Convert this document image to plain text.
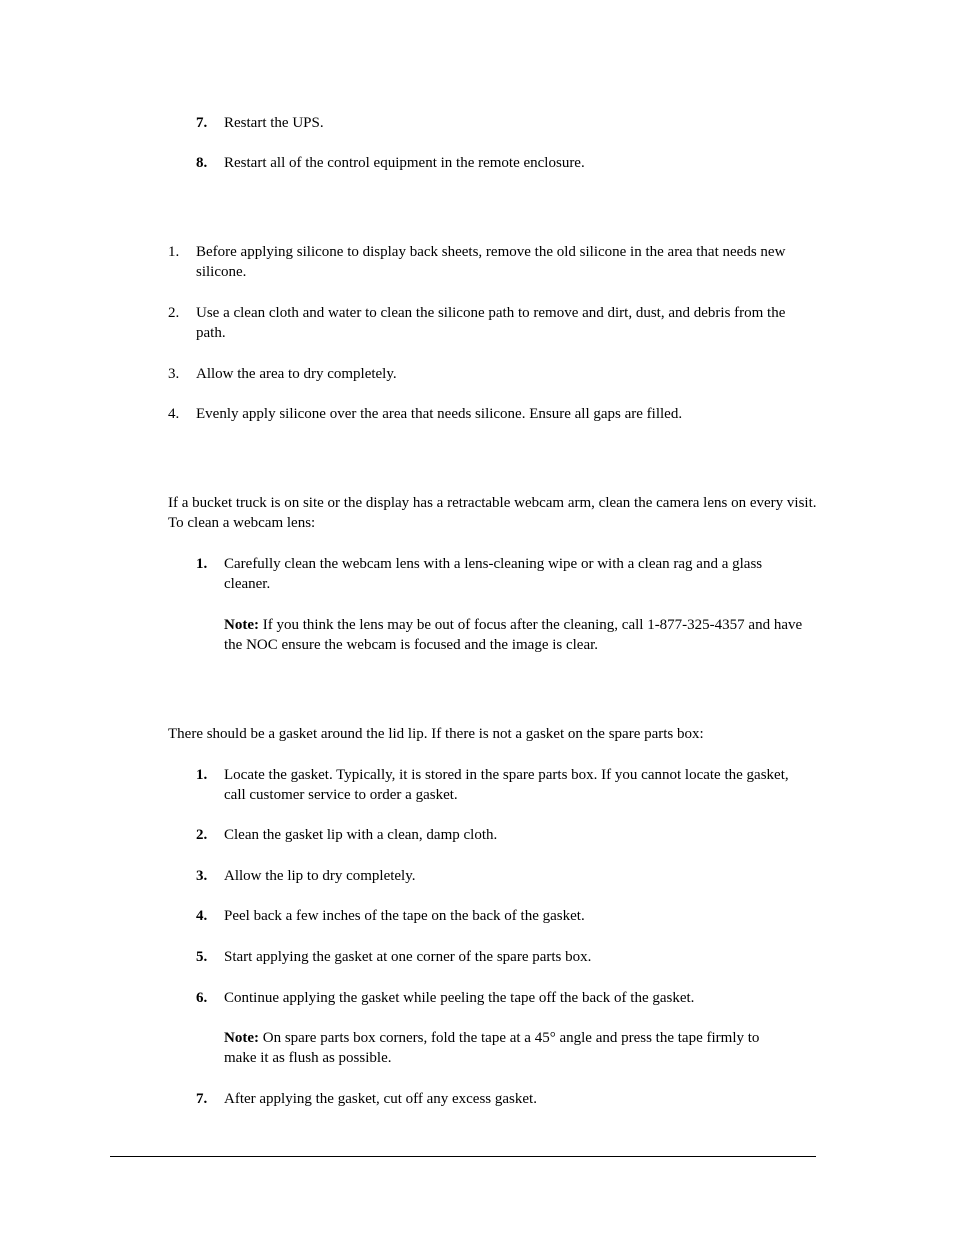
7. Restart the UPS.
8. Restart all of the control equipment in the remote enclosure.
1. Before applying silicone to display back sheets, remove the old silicone in the area that needs new silicone.
2. Use a clean cloth and water to clean the silicone path to remove and dirt, dust, and debris from the path.
3. Allow the area to dry completely.
4. Evenly apply silicone over the area that needs silicone. Ensure all gaps are filled.
If a bucket truck is on site or the display has a retractable webcam arm, clean the camera lens on every visit. To clean a webcam lens:
1. Carefully clean the webcam lens with a lens-cleaning wipe or with a clean rag and a glass cleaner.
Note: If you think the lens may be out of focus after the cleaning, call 1-877-325-4357 and have the NOC ensure the webcam is focused and the image is clear.
There should be a gasket around the lid lip. If there is not a gasket on the spare parts box:
1. Locate the gasket. Typically, it is stored in the spare parts box. If you cannot locate the gasket, call customer service to order a gasket.
2. Clean the gasket lip with a clean, damp cloth.
3. Allow the lip to dry completely.
4. Peel back a few inches of the tape on the back of the gasket.
5. Start applying the gasket at one corner of the spare parts box.
6. Continue applying the gasket while peeling the tape off the back of the gasket.
Note: On spare parts box corners, fold the tape at a 45° angle and press the tape firmly to make it as flush as possible.
7. After applying the gasket, cut off any excess gasket.
